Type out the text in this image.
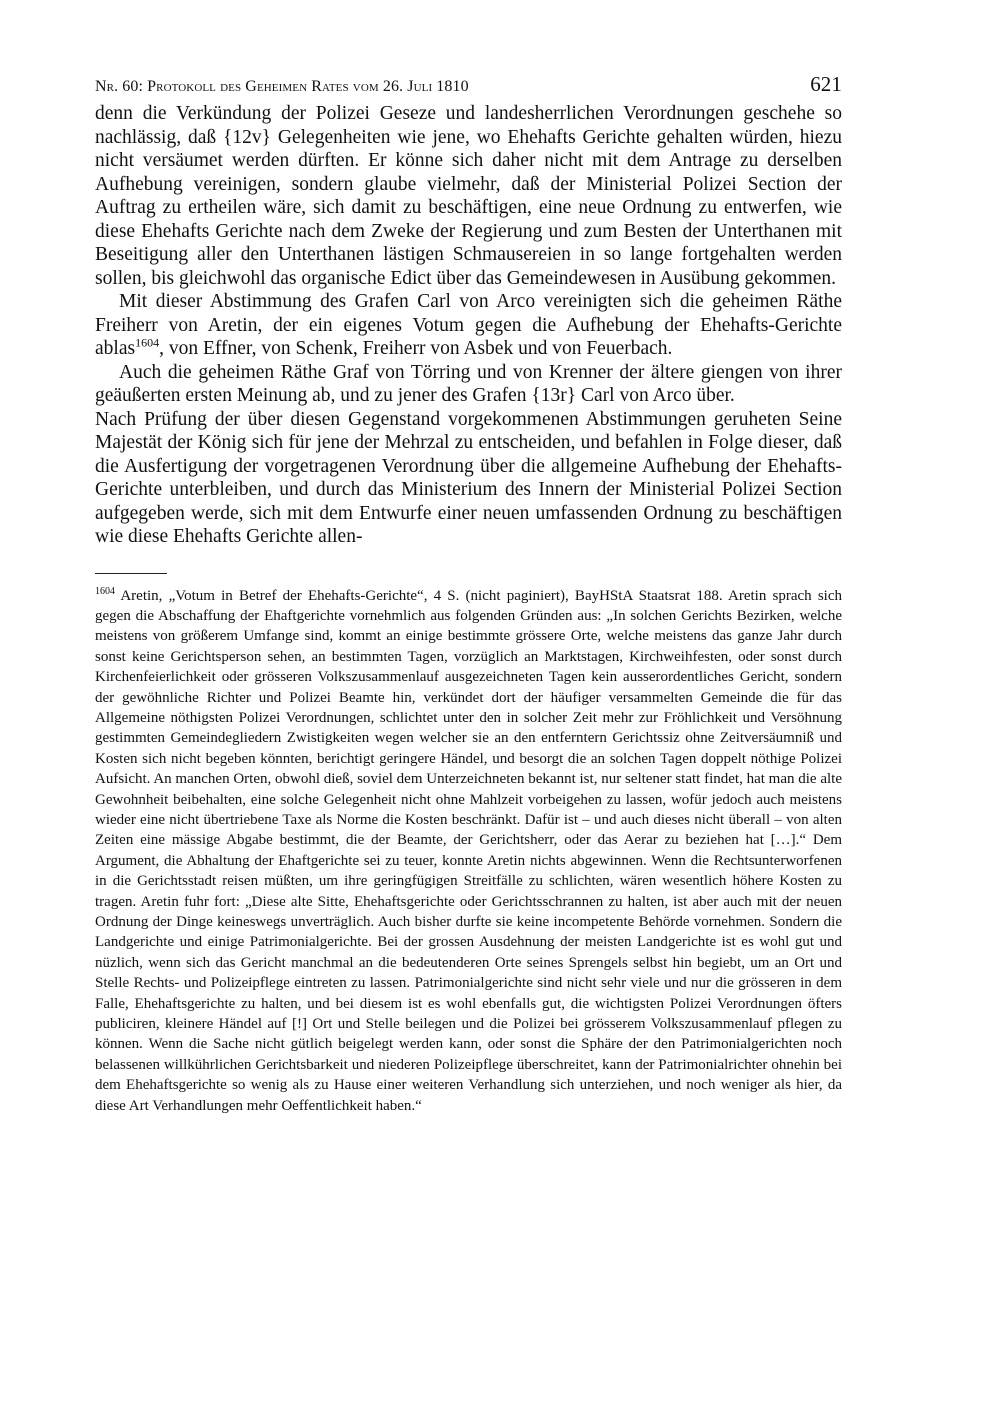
Nr. 60: Protokoll des Geheimen Rates vom 26. Juli 1810	621

denn die Verkündung der Polizei Geseze und landesherrlichen Verordnungen geschehe so nachlässig, daß {12v} Gelegenheiten wie jene, wo Ehehafts Gerichte gehalten würden, hiezu nicht versäumet werden dürften. Er könne sich daher nicht mit dem Antrage zu derselben Aufhebung vereinigen, sondern glaube vielmehr, daß der Ministerial Polizei Section der Auftrag zu ertheilen wäre, sich damit zu beschäftigen, eine neue Ordnung zu entwerfen, wie diese Ehehafts Gerichte nach dem Zweke der Regierung und zum Besten der Unterthanen mit Beseitigung aller den Unterthanen lästigen Schmausereien in so lange fortgehalten werden sollen, bis gleichwohl das organische Edict über das Gemeindewesen in Ausübung gekommen.

Mit dieser Abstimmung des Grafen Carl von Arco vereinigten sich die geheimen Räthe Freiherr von Aretin, der ein eigenes Votum gegen die Aufhebung der Ehehafts-Gerichte ablas$^{1604}$, von Effner, von Schenk, Freiherr von Asbek und von Feuerbach.

Auch die geheimen Räthe Graf von Törring und von Krenner der ältere giengen von ihrer geäußerten ersten Meinung ab, und zu jener des Grafen {13r} Carl von Arco über.

Nach Prüfung der über diesen Gegenstand vorgekommenen Abstimmungen geruheten Seine Majestät der König sich für jene der Mehrzal zu entscheiden, und befahlen in Folge dieser, daß die Ausfertigung der vorgetragenen Verordnung über die allgemeine Aufhebung der Ehehafts-Gerichte unterbleiben, und durch das Ministerium des Innern der Ministerial Polizei Section aufgegeben werde, sich mit dem Entwurfe einer neuen umfassenden Ordnung zu beschäftigen wie diese Ehehafts Gerichte allen-

$^{1604}$ Aretin, „Votum in Betref der Ehehafts-Gerichte“, 4 S. (nicht paginiert), BayHStA Staatsrat 188. Aretin sprach sich gegen die Abschaffung der Ehaftgerichte vornehmlich aus folgenden Gründen aus: „In solchen Gerichts Bezirken, welche meistens von größerem Umfange sind, kommt an einige bestimmte grössere Orte, welche meistens das ganze Jahr durch sonst keine Gerichtsperson sehen, an bestimmten Tagen, vorzüglich an Marktstagen, Kirchweihfesten, oder sonst durch Kirchenfeierlichkeit oder grösseren Volkszusammenlauf ausgezeichneten Tagen kein ausserordentliches Gericht, sondern der gewöhnliche Richter und Polizei Beamte hin, verkündet dort der häufiger versammelten Gemeinde die für das Allgemeine nöthigsten Polizei Verordnungen, schlichtet unter den in solcher Zeit mehr zur Fröhlichkeit und Versöhnung gestimmten Gemeindegliedern Zwistigkeiten wegen welcher sie an den entferntern Gerichtssiz ohne Zeitversäumniß und Kosten sich nicht begeben könnten, berichtigt geringere Händel, und besorgt die an solchen Tagen doppelt nöthige Polizei Aufsicht. An manchen Orten, obwohl dieß, soviel dem Unterzeichneten bekannt ist, nur seltener statt findet, hat man die alte Gewohnheit beibehalten, eine solche Gelegenheit nicht ohne Mahlzeit vorbeigehen zu lassen, wofür jedoch auch meistens wieder eine nicht übertriebene Taxe als Norme die Kosten beschränkt. Dafür ist – und auch dieses nicht überall – von alten Zeiten eine mässige Abgabe bestimmt, die der Beamte, der Gerichtsherr, oder das Aerar zu beziehen hat […].“ Dem Argument, die Abhaltung der Ehaftgerichte sei zu teuer, konnte Aretin nichts abgewinnen. Wenn die Rechtsunterworfenen in die Gerichtsstadt reisen müßten, um ihre geringfügigen Streitfälle zu schlichten, wären wesentlich höhere Kosten zu tragen. Aretin fuhr fort: „Diese alte Sitte, Ehehaftsgerichte oder Gerichtsschrannen zu halten, ist aber auch mit der neuen Ordnung der Dinge keineswegs unverträglich. Auch bisher durfte sie keine incompetente Behörde vornehmen. Sondern die Landgerichte und einige Patrimonialgerichte. Bei der grossen Ausdehnung der meisten Landgerichte ist es wohl gut und nüzlich, wenn sich das Gericht manchmal an die bedeutenderen Orte seines Sprengels selbst hin begiebt, um an Ort und Stelle Rechts- und Polizeipflege eintreten zu lassen. Patrimonialgerichte sind nicht sehr viele und nur die grösseren in dem Falle, Ehehaftsgerichte zu halten, und bei diesem ist es wohl ebenfalls gut, die wichtigsten Polizei Verordnungen öfters publiciren, kleinere Händel auf [!] Ort und Stelle beilegen und die Polizei bei grösserem Volkszusammenlauf pflegen zu können. Wenn die Sache nicht gütlich beigelegt werden kann, oder sonst die Sphäre der den Patrimonialgerichten noch belassenen willkührlichen Gerichtsbarkeit und niederen Polizeipflege überschreitet, kann der Patrimonialrichter ohnehin bei dem Ehehaftsgerichte so wenig als zu Hause einer weiteren Verhandlung sich unterziehen, und noch weniger als hier, da diese Art Verhandlungen mehr Oeffentlichkeit haben.“
